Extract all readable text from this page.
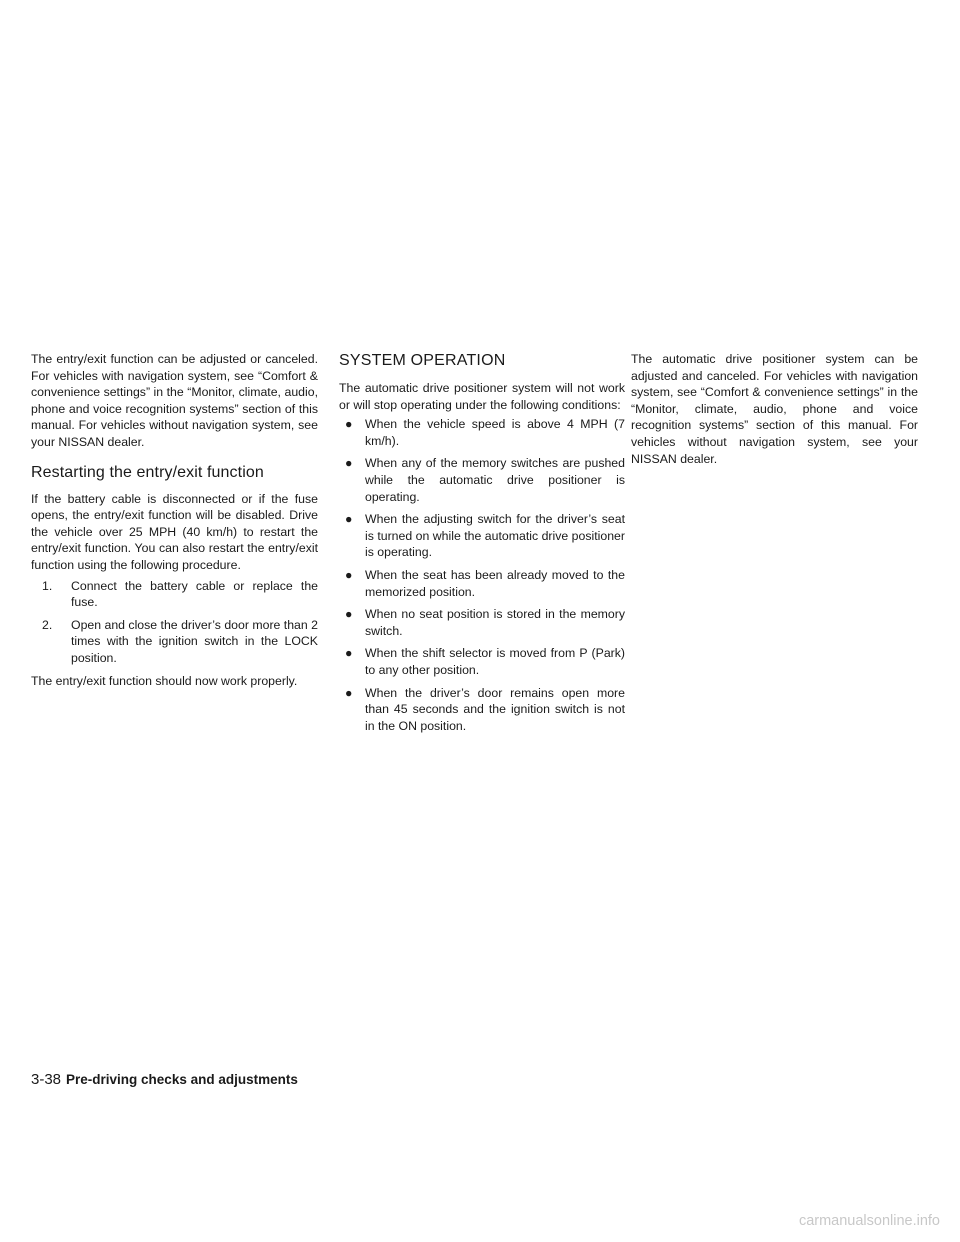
The entry/exit function can be adjusted or canceled. For vehicles with navigation system, see “Comfort & convenience settings” in the “Monitor, climate, audio, phone and voice recognition systems” section of this manual. For vehicles without navigation system, see your NISSAN dealer.

Restarting the entry/exit function

If the battery cable is disconnected or if the fuse opens, the entry/exit function will be disabled. Drive the vehicle over 25 MPH (40 km/h) to restart the entry/exit function. You can also restart the entry/exit function using the following procedure.

1. Connect the battery cable or replace the fuse.
2. Open and close the driver’s door more than 2 times with the ignition switch in the LOCK position.

The entry/exit function should now work properly.

SYSTEM OPERATION

The automatic drive positioner system will not work or will stop operating under the following conditions:

● When the vehicle speed is above 4 MPH (7 km/h).
● When any of the memory switches are pushed while the automatic drive positioner is operating.
● When the adjusting switch for the driver’s seat is turned on while the automatic drive positioner is operating.
● When the seat has been already moved to the memorized position.
● When no seat position is stored in the memory switch.
● When the shift selector is moved from P (Park) to any other position.
● When the driver’s door remains open more than 45 seconds and the ignition switch is not in the ON position.

The automatic drive positioner system can be adjusted and canceled. For vehicles with navigation system, see “Comfort & convenience settings” in the “Monitor, climate, audio, phone and voice recognition systems” section of this manual. For vehicles without navigation system, see your NISSAN dealer.

3-38 Pre-driving checks and adjustments
carmanualsonline.info
